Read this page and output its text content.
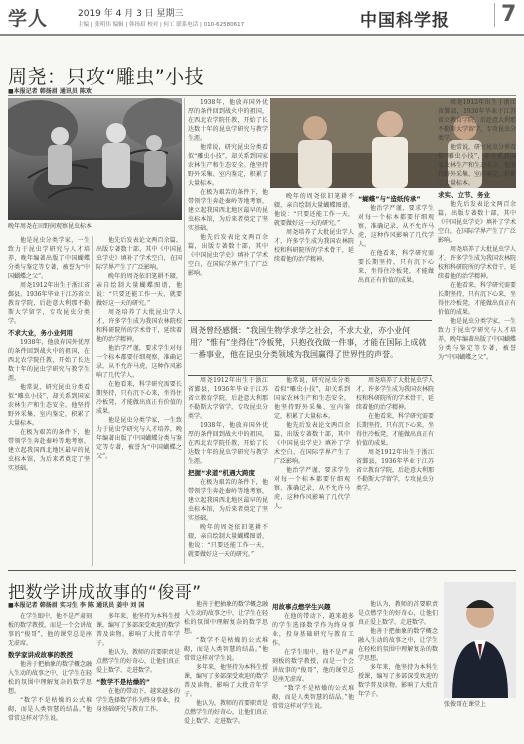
学人	2019 年 4 月 3 日 星期三
主编 | 张明伟 编辑 | 韩扬眉 校对 | 何工 联系电话 | 010-62580617	中国科学报	7
周尧：只攻“雕虫”小技
■本报记者 韩扬眉 通讯员 陈欢
晚年周尧在田野间观察昆虫标本

他是昆虫分类学家，一生致力于昆虫学研究与人才培养，晚年编著出版了中国蝴蝶分类与鉴定等专著，被誉为“中国蝴蝶之父”。

周尧1912年出生于浙江省鄞县，1936年毕业于江苏省立教育学院，后赴意大利那不勒斯大学留学，专攻昆虫分类学。

不求大业，务小业何用

1938年，他放弃国外优厚的条件回到战火中的祖国，在西北农学院任教，开始了长达数十年的昆虫学研究与教学生涯。

他常说，研究昆虫分类看似“雕虫小技”，却关系到国家农林生产和生态安全。他坚持野外采集、室内鉴定，积累了大量标本。

在极为艰苦的条件下，他带领学生奔赴秦岭等地考察，建立起我国西北地区最早的昆虫标本馆，为后来者奠定了坚实基础。

他先后发表论文两百余篇，出版专著数十部，其中《中国昆虫学史》填补了学术空白，在国际学界产生了广泛影响。

晚年的周尧依旧笔耕不辍，亲自绘制大量蝴蝶图谱，他说：“只要还能工作一天，就要做好这一天的研究。”

周尧培养了大批昆虫学人才，许多学生成为我国农林院校和科研院所的学术骨干，延续着他的治学精神。

他治学严谨，要求学生对每一个标本都要仔细观察、准确记录，从不允许马虎，这种作风影响了几代学人。

在他看来，科学研究需要长期坚持，只有沉下心来，坐得住冷板凳，才能做出真正有价值的成果。

他是昆虫分类学家，一生致力于昆虫学研究与人才培养，晚年编著出版了中国蝴蝶分类与鉴定等专著，被誉为“中国蝴蝶之父”。

1938年，他放弃国外优厚的条件回到战火中的祖国，在西北农学院任教，开始了长达数十年的昆虫学研究与教学生涯。

他常说，研究昆虫分类看似“雕虫小技”，却关系到国家农林生产和生态安全。他坚持野外采集、室内鉴定，积累了大量标本。

在极为艰苦的条件下，他带领学生奔赴秦岭等地考察，建立起我国西北地区最早的昆虫标本馆，为后来者奠定了坚实基础。

他先后发表论文两百余篇，出版专著数十部，其中《中国昆虫学史》填补了学术空白，在国际学界产生了广泛影响。

晚年的周尧依旧笔耕不辍，亲自绘制大量蝴蝶图谱，他说：“只要还能工作一天，就要做好这一天的研究。”

周尧培养了大批昆虫学人才，许多学生成为我国农林院校和科研院所的学术骨干，延续着他的治学精神。

“蝴蝶”与“造纸传承”

他治学严谨，要求学生对每一个标本都要仔细观察、准确记录，从不允许马虎，这种作风影响了几代学人。

在他看来，科学研究需要长期坚持，只有沉下心来，坐得住冷板凳，才能做出真正有价值的成果。

周尧1912年出生于浙江省鄞县，1936年毕业于江苏省立教育学院，后赴意大利那不勒斯大学留学，专攻昆虫分类学。

他常说，研究昆虫分类看似“雕虫小技”，却关系到国家农林生产和生态安全。他坚持野外采集、室内鉴定，积累了大量标本。

求实、立节、务业

他先后发表论文两百余篇，出版专著数十部，其中《中国昆虫学史》填补了学术空白，在国际学界产生了广泛影响。

周尧培养了大批昆虫学人才，许多学生成为我国农林院校和科研院所的学术骨干，延续着他的治学精神。

在他看来，科学研究需要长期坚持，只有沉下心来，坐得住冷板凳，才能做出真正有价值的成果。

他是昆虫分类学家，一生致力于昆虫学研究与人才培养，晚年编著出版了中国蝴蝶分类与鉴定等专著，被誉为“中国蝴蝶之父”。

周尧曾经感慨：“我国生物学求学之社会，不求大业，亦小业何用？”惟有“坐得住”冷板凳，只抱孜孜做一件事，才能在国际上成就一番事业，他在昆虫分类领域为我国赢得了世界性的声誉。

周尧1912年出生于浙江省鄞县，1936年毕业于江苏省立教育学院，后赴意大利那不勒斯大学留学，专攻昆虫分类学。

1938年，他放弃国外优厚的条件回到战火中的祖国，在西北农学院任教，开始了长达数十年的昆虫学研究与教学生涯。

把握“求道”机遇大跨度

在极为艰苦的条件下，他带领学生奔赴秦岭等地考察，建立起我国西北地区最早的昆虫标本馆，为后来者奠定了坚实基础。

晚年的周尧依旧笔耕不辍，亲自绘制大量蝴蝶图谱，他说：“只要还能工作一天，就要做好这一天的研究。”

他常说，研究昆虫分类看似“雕虫小技”，却关系到国家农林生产和生态安全。他坚持野外采集、室内鉴定，积累了大量标本。

他先后发表论文两百余篇，出版专著数十部，其中《中国昆虫学史》填补了学术空白，在国际学界产生了广泛影响。

他治学严谨，要求学生对每一个标本都要仔细观察、准确记录，从不允许马虎，这种作风影响了几代学人。

周尧培养了大批昆虫学人才，许多学生成为我国农林院校和科研院所的学术骨干，延续着他的治学精神。

在他看来，科学研究需要长期坚持，只有沉下心来，坐得住冷板凳，才能做出真正有价值的成果。

周尧1912年出生于浙江省鄞县，1936年毕业于江苏省立教育学院，后赴意大利那不勒斯大学留学，专攻昆虫分类学。

把数学讲成故事的“俊哥”
■本报记者 韩扬眉 实习生 李 陈 通讯员 姜中 刘 国

在学生眼中，他不是严肃刻板的数学教授，而是一个会讲故事的“俊哥”，他的课堂总是座无虚席。

数学家讲成故事的教授

他善于把抽象的数学概念融入生动的故事之中，让学生在轻松的氛围中理解复杂的数学思想。

“数学不是枯燥的公式堆砌，而是人类智慧的结晶。”他常常这样对学生说。

多年来，他坚持为本科生授课，编写了多部深受欢迎的数学普及读物，影响了大批青年学子。

他认为，教师的首要职责是点燃学生的好奇心，让他们真正爱上数学、走进数学。

“数学不是枯燥的”

在他的带动下，越来越多的学生选择数学作为终身事业，投身基础研究与教育工作。

他善于把抽象的数学概念融入生动的故事之中，让学生在轻松的氛围中理解复杂的数学思想。

“数学不是枯燥的公式堆砌，而是人类智慧的结晶。”他常常这样对学生说。

多年来，他坚持为本科生授课，编写了多部深受欢迎的数学普及读物，影响了大批青年学子。

他认为，教师的首要职责是点燃学生的好奇心，让他们真正爱上数学、走进数学。

用故事点燃学生兴趣

在他的带动下，越来越多的学生选择数学作为终身事业，投身基础研究与教育工作。

在学生眼中，他不是严肃刻板的数学教授，而是一个会讲故事的“俊哥”，他的课堂总是座无虚席。

“数学不是枯燥的公式堆砌，而是人类智慧的结晶。”他常常这样对学生说。

他认为，教师的首要职责是点燃学生的好奇心，让他们真正爱上数学、走进数学。

他善于把抽象的数学概念融入生动的故事之中，让学生在轻松的氛围中理解复杂的数学思想。

多年来，他坚持为本科生授课，编写了多部深受欢迎的数学普及读物，影响了大批青年学子。

张俊哥在课堂上
